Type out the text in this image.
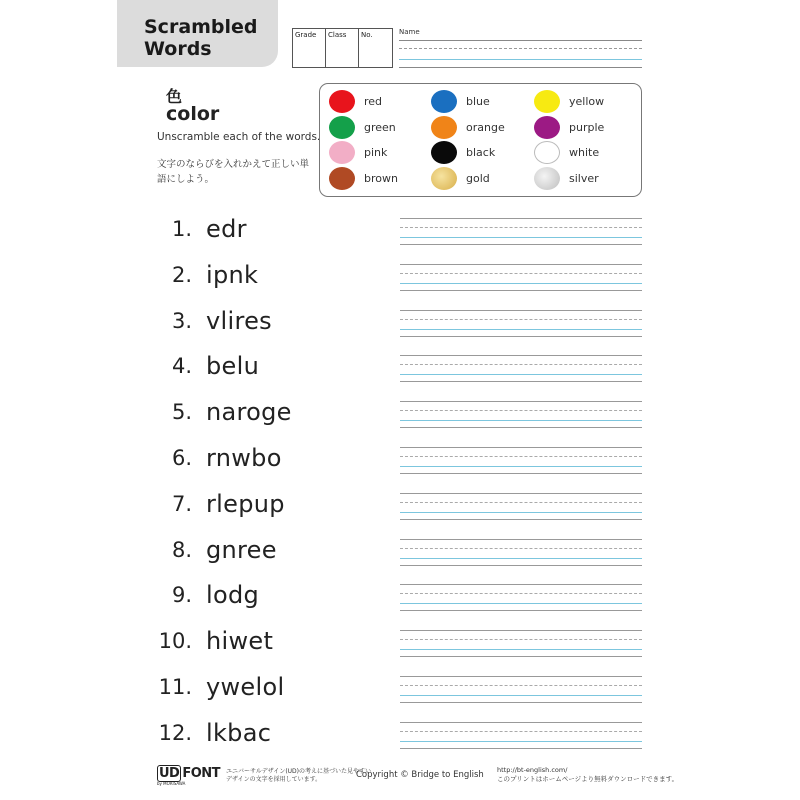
Scrambled
Words
Grade	Class	No.	Name
色
color
Unscramble each of the words.
文字のならびを入れかえて正しい単語にしよう。
red	blue	yellow
green	orange	purple
pink	black	white
brown	gold	silver
1. edr
2. ipnk
3. vlires
4. belu
5. naroge
6. rnwbo
7. rlepup
8. gnree
9. lodg
10. hiwet
11. ywelol
12. lkbac
UD FONT
by MORISAWA
ユニバーサルデザイン(UD)の考えに基づいた見やすいデザインの文字を採用しています。	Copyright © Bridge to English http://bt-english.com/
このプリントはホームページより無料ダウンロードできます。
